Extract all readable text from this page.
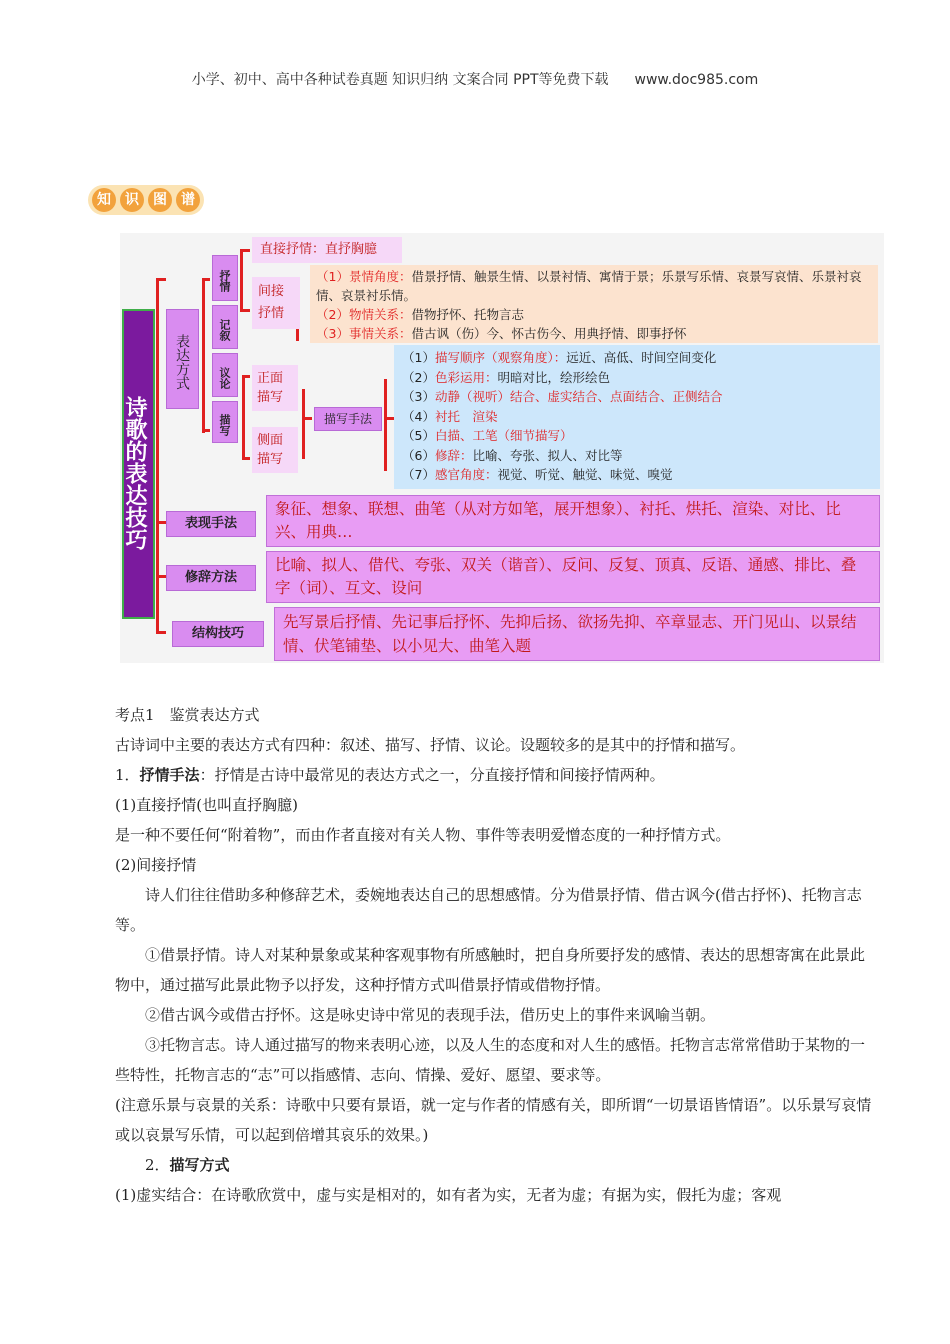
小学、初中、高中各种试卷真题 知识归纳 文案合同 PPT等免费下载 www.doc985.com
知	识	图	谱
诗歌的表达技巧
表达方式
抒情
记叙
议论
描写
直接抒情：直抒胸臆
间接抒情
（1）景情角度：借景抒情、触景生情、以景衬情、寓情于景；乐景写乐情、哀景写哀情、乐景衬哀情、哀景衬乐情。
（2）物情关系：借物抒怀、托物言志
（3）事情关系：借古讽（伤）今、怀古伤今、用典抒情、即事抒怀
正面描写
侧面描写
描写手法
（1）描写顺序（观察角度）：远近、高低、时间空间变化
（2）色彩运用：明暗对比，绘形绘色
（3）动静（视听）结合、虚实结合、点面结合、正侧结合
（4）衬托　渲染
（5）白描、工笔（细节描写）
（6）修辞：比喻、夸张、拟人、对比等
（7）感官角度：视觉、听觉、触觉、味觉、嗅觉
表现手法
象征、想象、联想、曲笔（从对方如笔，展开想象）、衬托、烘托、渲染、对比、比兴、用典…
修辞方法
比喻、拟人、借代、夸张、双关（谐音）、反问、反复、顶真、反语、通感、排比、叠字（词）、互文、设问
结构技巧
先写景后抒情、先记事后抒怀、先抑后扬、欲扬先抑、卒章显志、开门见山、以景结情、伏笔铺垫、以小见大、曲笔入题

考点1　鉴赏表达方式

古诗词中主要的表达方式有四种：叙述、描写、抒情、议论。设题较多的是其中的抒情和描写。

1．抒情手法：抒情是古诗中最常见的表达方式之一，分直接抒情和间接抒情两种。

(1)直接抒情(也叫直抒胸臆)

是一种不要任何“附着物”，而由作者直接对有关人物、事件等表明爱憎态度的一种抒情方式。

(2)间接抒情

诗人们往往借助多种修辞艺术，委婉地表达自己的思想感情。分为借景抒情、借古讽今(借古抒怀)、托物言志等。

①借景抒情。诗人对某种景象或某种客观事物有所感触时，把自身所要抒发的感情、表达的思想寄寓在此景此物中，通过描写此景此物予以抒发，这种抒情方式叫借景抒情或借物抒情。

②借古讽今或借古抒怀。这是咏史诗中常见的表现手法，借历史上的事件来讽喻当朝。

③托物言志。诗人通过描写的物来表明心迹，以及人生的态度和对人生的感悟。托物言志常常借助于某物的一些特性，托物言志的“志”可以指感情、志向、情操、爱好、愿望、要求等。

(注意乐景与哀景的关系：诗歌中只要有景语，就一定与作者的情感有关，即所谓“一切景语皆情语”。以乐景写哀情或以哀景写乐情，可以起到倍增其哀乐的效果。)

2．描写方式

(1)虚实结合：在诗歌欣赏中，虚与实是相对的，如有者为实，无者为虚；有据为实，假托为虚；客观
